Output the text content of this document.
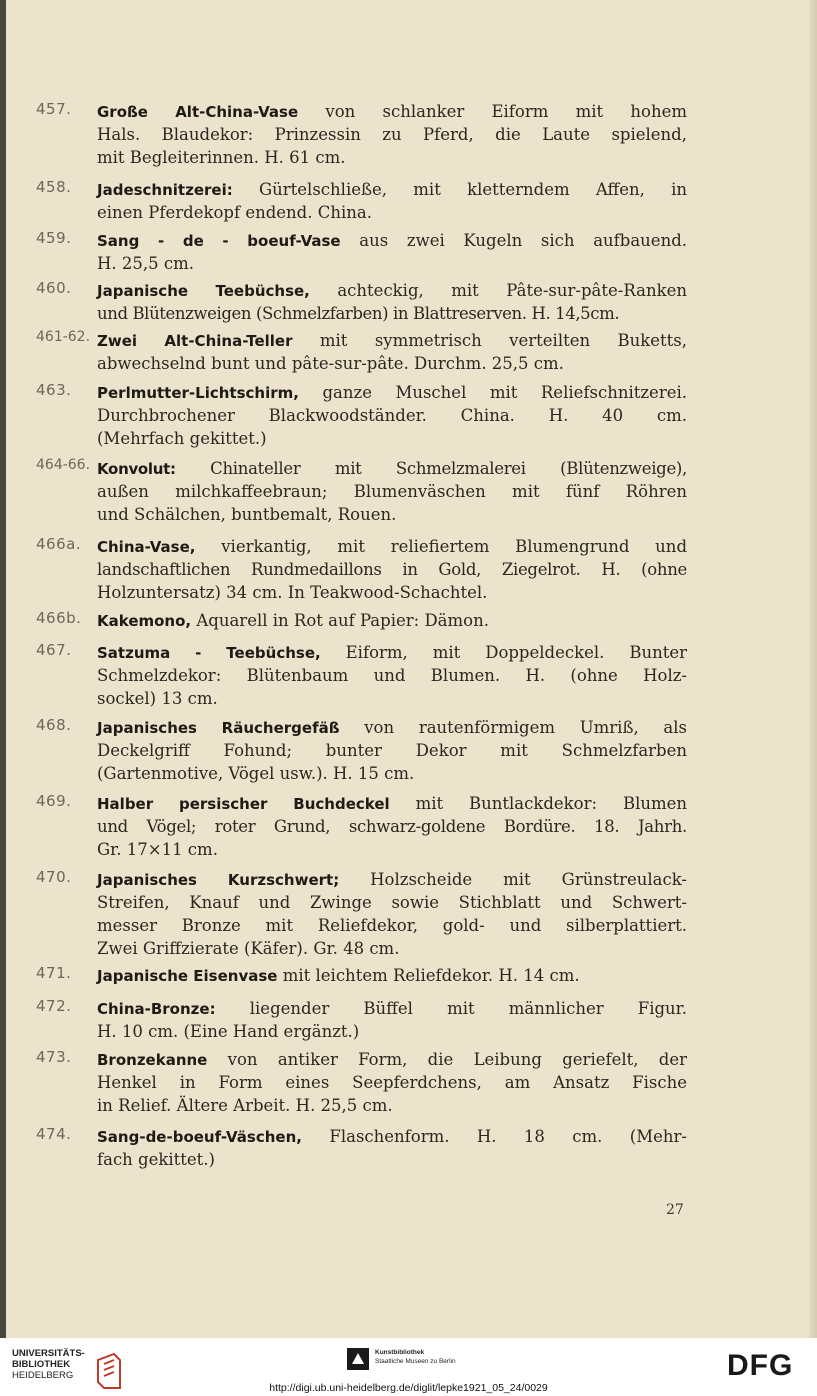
457.	Große Alt-China-Vase von schlanker Eiform mit hohem
Hals. Blaudekor: Prinzessin zu Pferd, die Laute spielend,
mit Begleiterinnen. H. 61 cm.
458.	Jadeschnitzerei: Gürtelschließe, mit kletterndem Affen, in
einen Pferdekopf endend. China.
459.	Sang - de - boeuf-Vase aus zwei Kugeln sich aufbauend.
H. 25,5 cm.
460.	Japanische Teebüchse, achteckig, mit Pâte-sur-pâte-Ranken
und Blütenzweigen (Schmelzfarben) in Blattreserven. H. 14,5cm.
461-62. Zwei Alt-China-Teller mit symmetrisch verteilten Buketts,
abwechselnd bunt und pâte-sur-pâte. Durchm. 25,5 cm.
463.	Perlmutter-Lichtschirm, ganze Muschel mit Reliefschnitzerei.
Durchbrochener Blackwoodständer. China. H. 40 cm.
(Mehrfach gekittet.)
464-66. Konvolut: Chinateller mit Schmelzmalerei (Blütenzweige),
außen milchkaffeebraun; Blumenväschen mit fünf Röhren
und Schälchen, buntbemalt, Rouen.
466a.	China-Vase, vierkantig, mit reliefiertem Blumengrund und
landschaftlichen Rundmedaillons in Gold, Ziegelrot. H. (ohne
Holzuntersatz) 34 cm. In Teakwood-Schachtel.
466b.	Kakemono, Aquarell in Rot auf Papier: Dämon.
467.	Satzuma - Teebüchse, Eiform, mit Doppeldeckel. Bunter
Schmelzdekor: Blütenbaum und Blumen. H. (ohne Holz-
sockel) 13 cm.
468.	Japanisches Räuchergefäß von rautenförmigem Umriß, als
Deckelgriff Fohund; bunter Dekor mit Schmelzfarben
(Gartenmotive, Vögel usw.). H. 15 cm.
469.	Halber persischer Buchdeckel mit Buntlackdekor: Blumen
und Vögel; roter Grund, schwarz-goldene Bordüre. 18. Jahrh.
Gr. 17×11 cm.
470.	Japanisches Kurzschwert; Holzscheide mit Grünstreulack-
Streifen, Knauf und Zwinge sowie Stichblatt und Schwert-
messer Bronze mit Reliefdekor, gold- und silberplattiert.
Zwei Griffzierate (Käfer). Gr. 48 cm.
471.	Japanische Eisenvase mit leichtem Reliefdekor. H. 14 cm.
472.	China-Bronze: liegender Büffel mit männlicher Figur.
H. 10 cm. (Eine Hand ergänzt.)
473.	Bronzekanne von antiker Form, die Leibung geriefelt, der
Henkel in Form eines Seepferdchens, am Ansatz Fische
in Relief. Ältere Arbeit. H. 25,5 cm.
474.	Sang-de-boeuf-Väschen, Flaschenform. H. 18 cm. (Mehr-
fach gekittet.)
27
UNIVERSITÄTS-
BIBLIOTHEK
HEIDELBERG
Kunstbibliothek
Staatliche Museen zu Berlin	DFG
http://digi.ub.uni-heidelberg.de/diglit/lepke1921_05_24/0029
